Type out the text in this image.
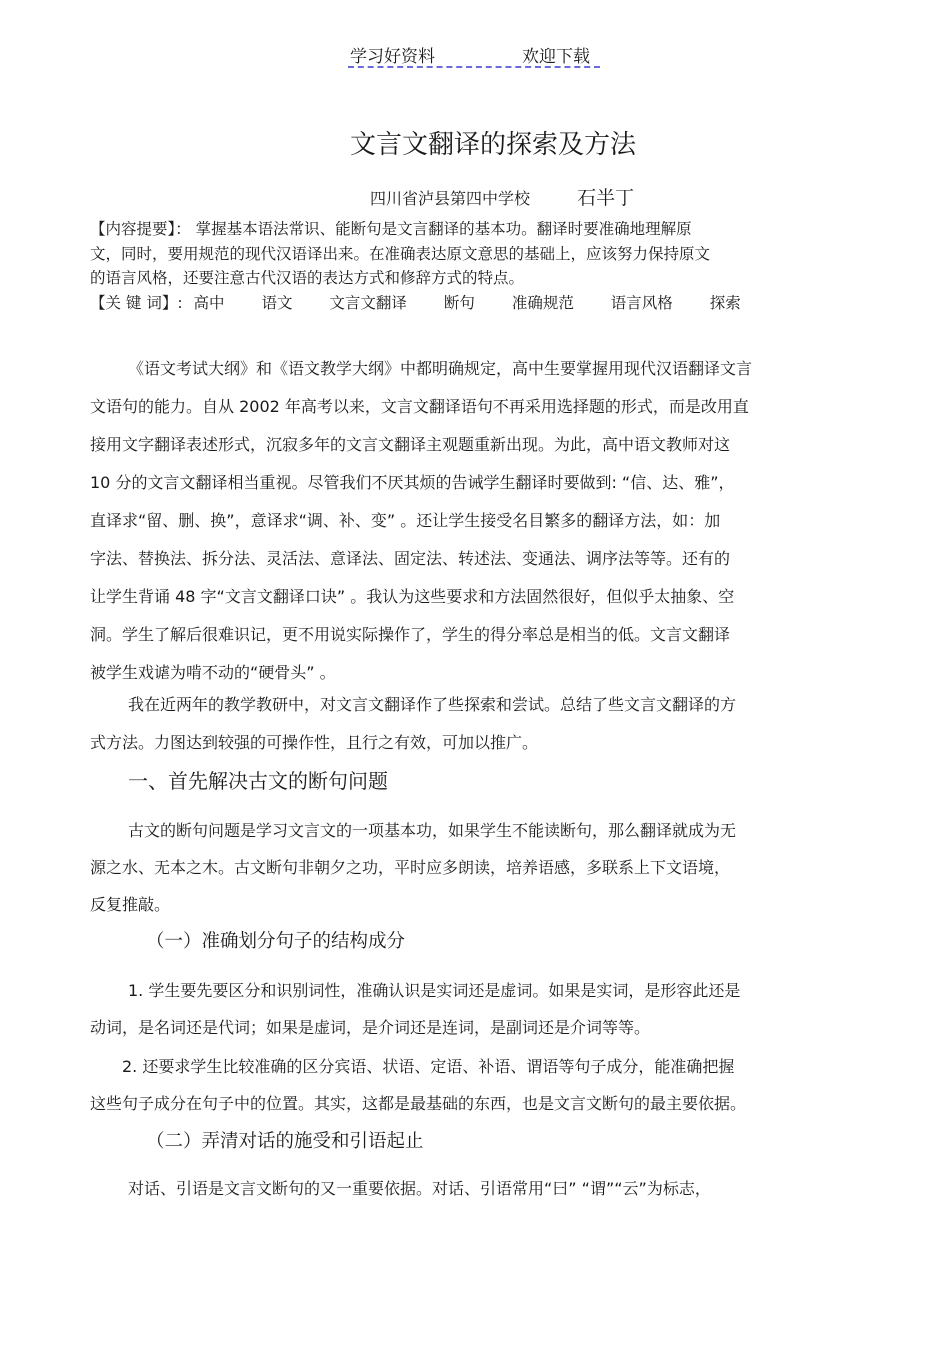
学习好资料	欢迎下载
文言文翻译的探索及方法
四川省泸县第四中学校 石半丁

【内容提要】： 掌握基本语法常识、能断句是文言翻译的基本功。翻译时要准确地理解原

文，同时，要用规范的现代汉语译出来。在准确表达原文意思的基础上，应该努力保持原文

的语言风格，还要注意古代汉语的表达方式和修辞方式的特点。

【关 键 词】: 高中 语文 文言文翻译 断句 准确规范 语言风格 探索

《语文考试大纲》和《语文教学大纲》中都明确规定，高中生要掌握用现代汉语翻译文言

文语句的能力。自从 2002 年高考以来，文言文翻译语句不再采用选择题的形式，而是改用直

接用文字翻译表述形式，沉寂多年的文言文翻译主观题重新出现。为此，高中语文教师对这

10 分的文言文翻译相当重视。尽管我们不厌其烦的告诫学生翻译时要做到: “信、达、雅”，

直译求“留、删、换”，意译求“调、补、变” 。还让学生接受名目繁多的翻译方法，如：加

字法、替换法、拆分法、灵活法、意译法、固定法、转述法、变通法、调序法等等。还有的

让学生背诵 48 字“文言文翻译口诀” 。我认为这些要求和方法固然很好，但似乎太抽象、空

洞。学生了解后很难识记，更不用说实际操作了，学生的得分率总是相当的低。文言文翻译

被学生戏谑为啃不动的“硬骨头” 。

我在近两年的教学教研中，对文言文翻译作了些探索和尝试。总结了些文言文翻译的方

式方法。力图达到较强的可操作性，且行之有效，可加以推广。

一、首先解决古文的断句问题

古文的断句问题是学习文言文的一项基本功，如果学生不能读断句，那么翻译就成为无

源之水、无本之木。古文断句非朝夕之功，平时应多朗读，培养语感，多联系上下文语境，

反复推敲。

（一）准确划分句子的结构成分

1. 学生要先要区分和识别词性，准确认识是实词还是虚词。如果是实词，是形容此还是

动词，是名词还是代词；如果是虚词，是介词还是连词，是副词还是介词等等。

2. 还要求学生比较准确的区分宾语、状语、定语、补语、谓语等句子成分，能准确把握

这些句子成分在句子中的位置。其实，这都是最基础的东西，也是文言文断句的最主要依据。

（二）弄清对话的施受和引语起止

对话、引语是文言文断句的又一重要依据。对话、引语常用“曰” “谓”“云”为标志，
